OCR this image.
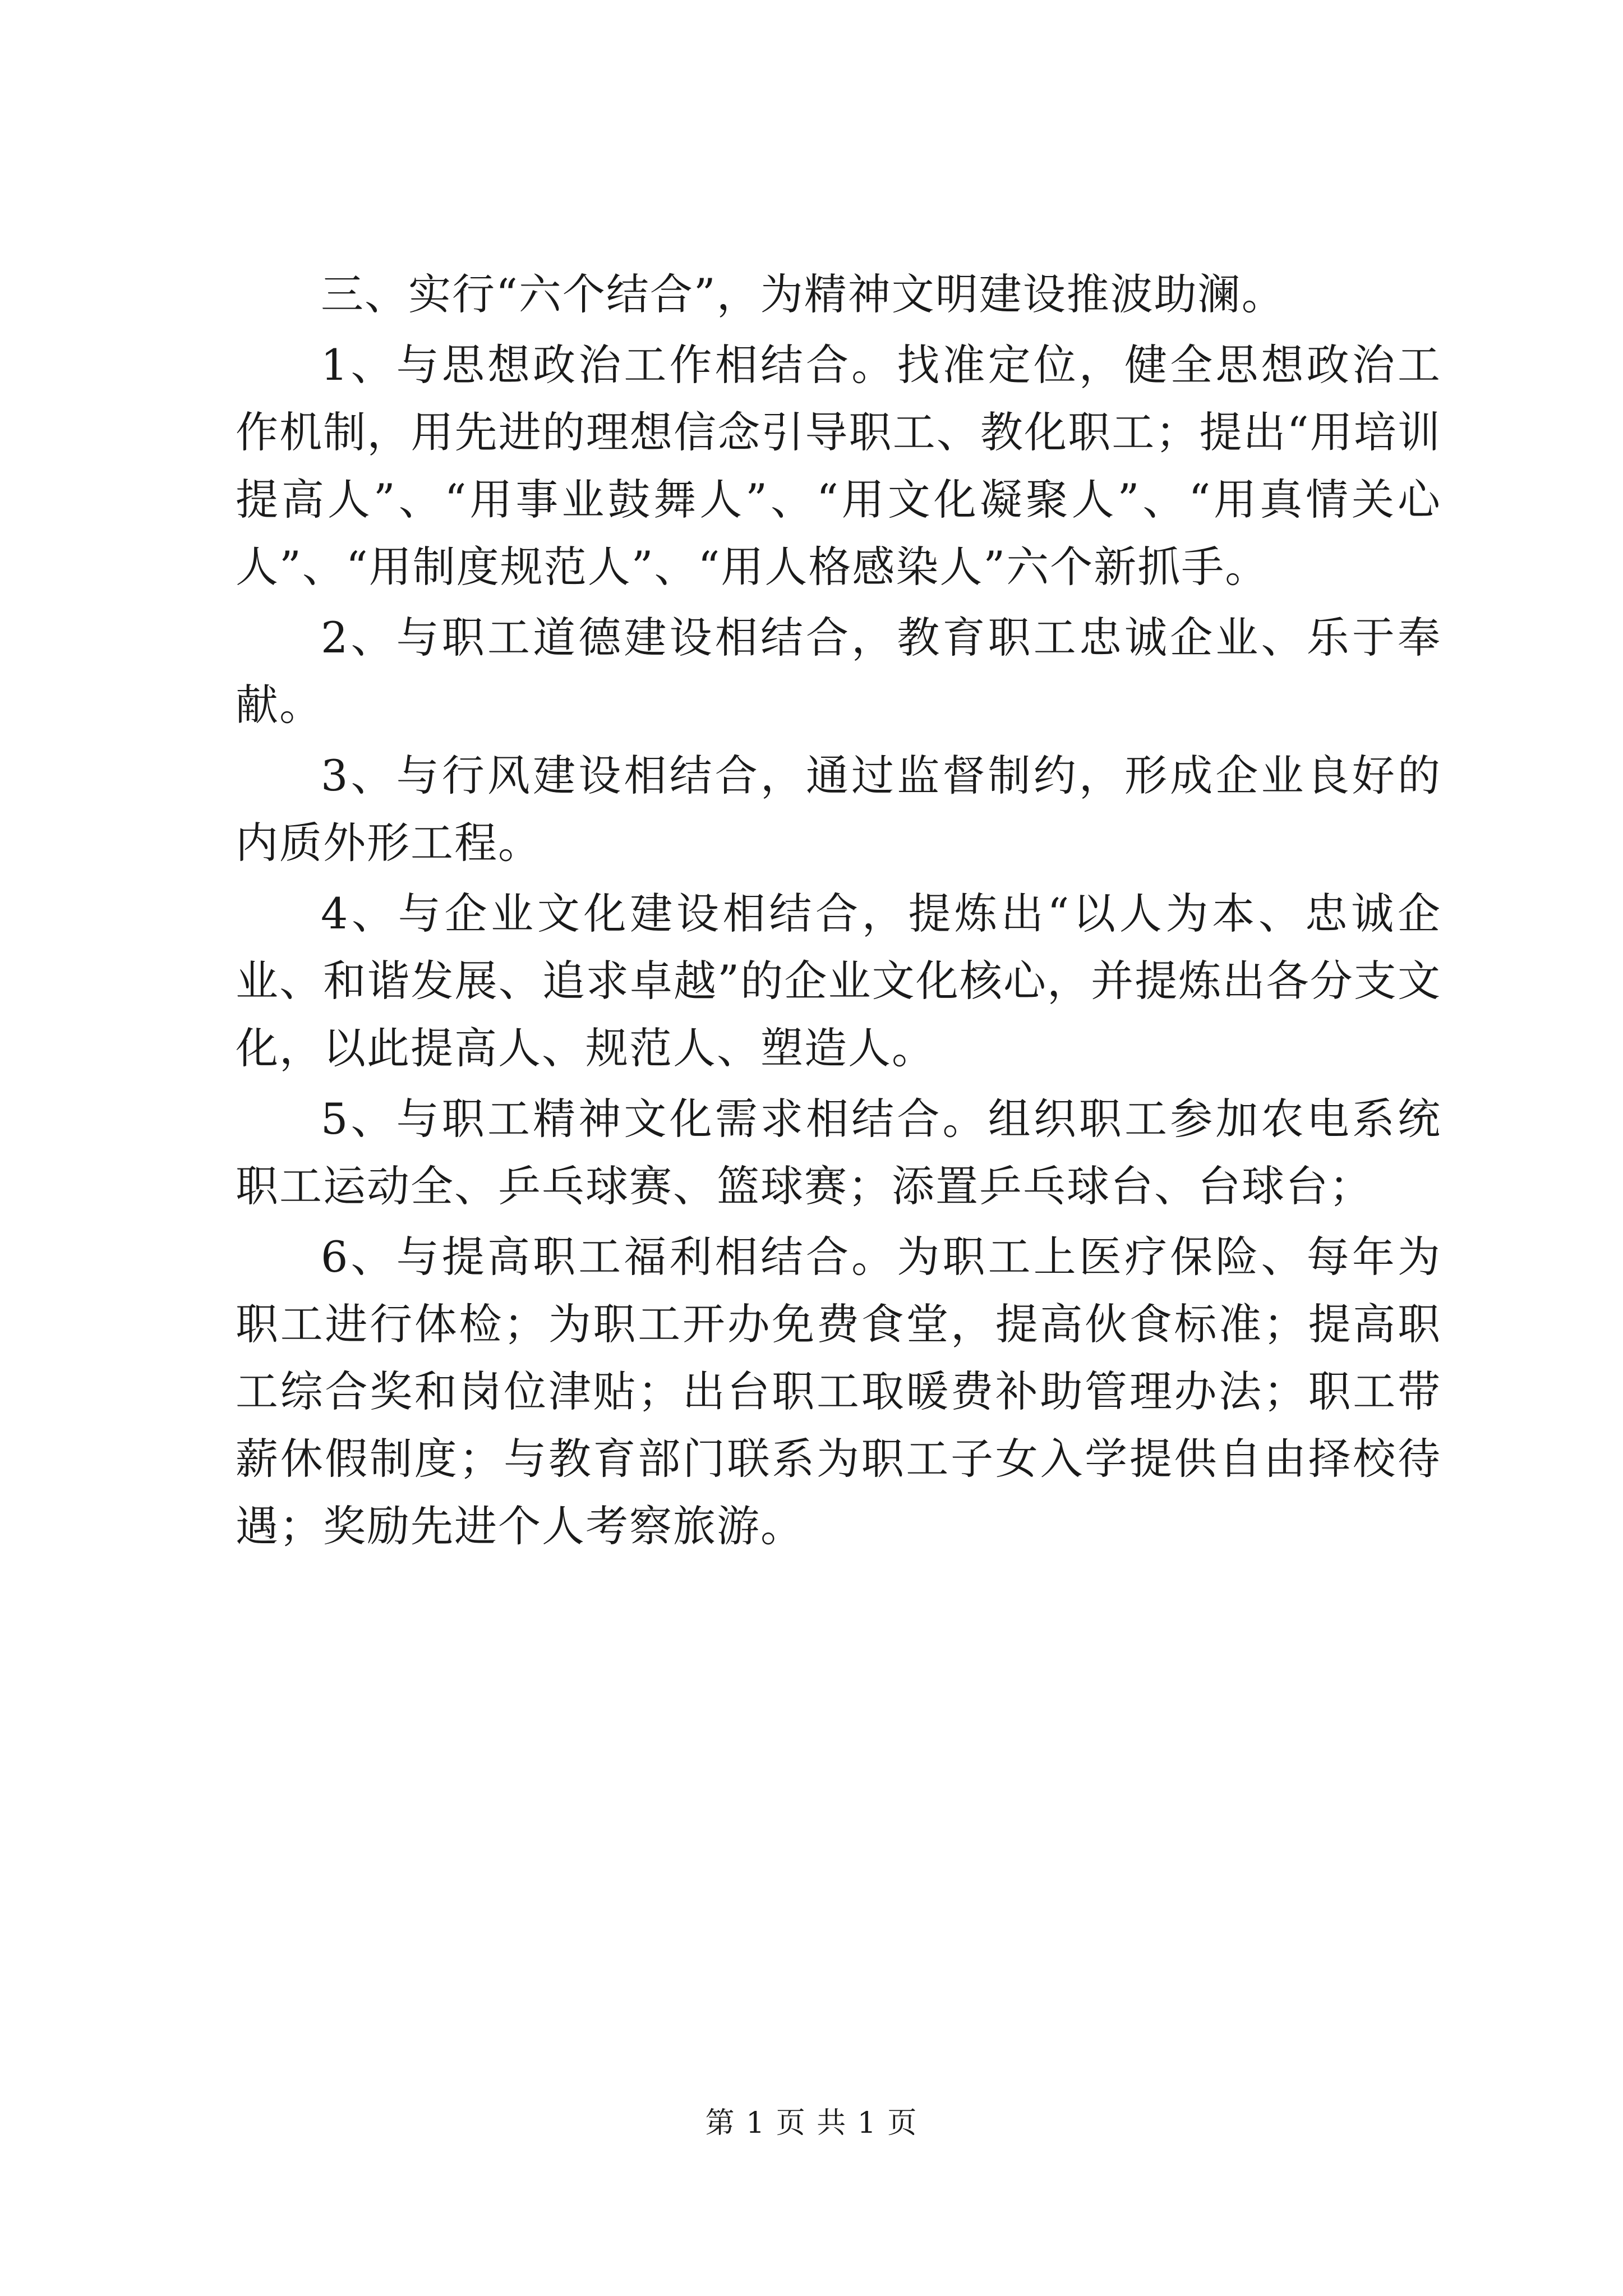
三、实行“六个结合”，为精神文明建设推波助澜。

1、与思想政治工作相结合。找准定位，健全思想政治工作机制，用先进的理想信念引导职工、教化职工；提出“用培训提高人”、“用事业鼓舞人”、“用文化凝聚人”、“用真情关心人”、“用制度规范人”、“用人格感染人”六个新抓手。

2、与职工道德建设相结合，教育职工忠诚企业、乐于奉献。

3、与行风建设相结合，通过监督制约，形成企业良好的内质外形工程。

4、与企业文化建设相结合，提炼出“以人为本、忠诚企业、和谐发展、追求卓越”的企业文化核心，并提炼出各分支文化，以此提高人、规范人、塑造人。

5、与职工精神文化需求相结合。组织职工参加农电系统职工运动全、乒乓球赛、篮球赛；添置乒乓球台、台球台；

6、与提高职工福利相结合。为职工上医疗保险、每年为职工进行体检；为职工开办免费食堂，提高伙食标准；提高职工综合奖和岗位津贴；出台职工取暖费补助管理办法；职工带薪休假制度；与教育部门联系为职工子女入学提供自由择校待遇；奖励先进个人考察旅游。

第 1 页 共 1 页
